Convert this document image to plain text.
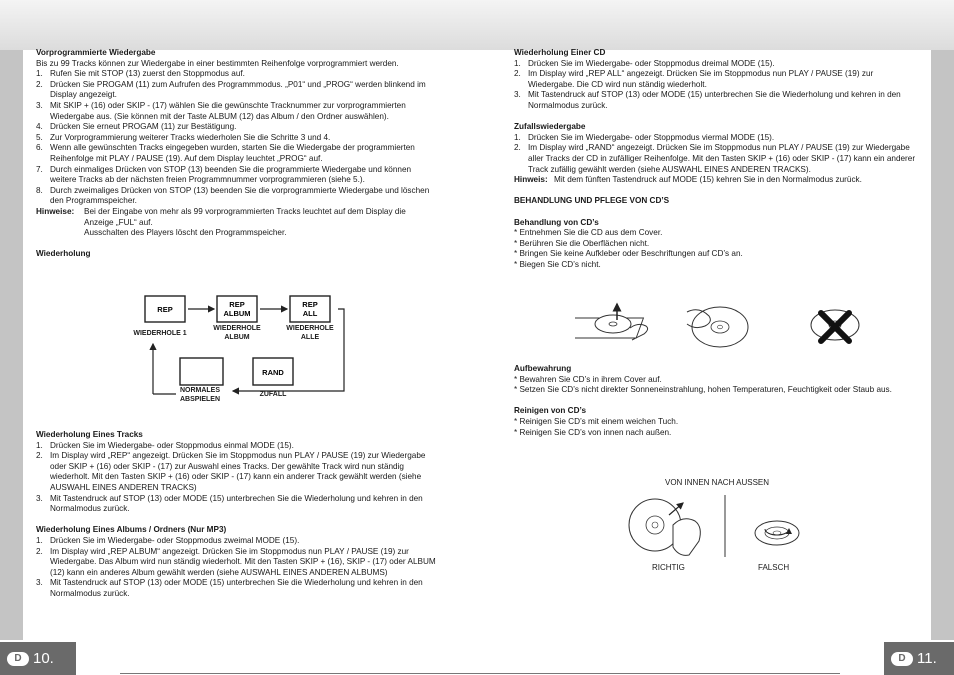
Vorprogrammierte Wiedergabe

Bis zu 99 Tracks können zur Wiedergabe in einer bestimmten Reihenfolge vorprogrammiert werden.

1. Rufen Sie mit STOP (13) zuerst den Stoppmodus auf.
2. Drücken Sie PROGAM (11) zum Aufrufen des Programmmodus. „P01“ und „PROG“ werden blinkend im Display angezeigt.
3. Mit SKIP + (16) oder SKIP - (17) wählen Sie die gewünschte Tracknummer zur vorprogrammierten Wiedergabe aus. (Sie können mit der Taste ALBUM (12) das Album / den Ordner auswählen).
4. Drücken Sie erneut PROGAM (11) zur Bestätigung.
5. Zur Vorprogrammierung weiterer Tracks wiederholen Sie die Schritte 3 und 4.
6. Wenn alle gewünschten Tracks eingegeben wurden, starten Sie die Wiedergabe der programmierten Reihenfolge mit PLAY / PAUSE (19). Auf dem Display leuchtet „PROG“ auf.
7. Durch einmaliges Drücken von STOP (13) beenden Sie die programmierte Wiedergabe und können weitere Tracks ab der nächsten freien Programmnummer vorprogrammieren (siehe 5.).
8. Durch zweimaliges Drücken von STOP (13) beenden Sie die vorprogrammierte Wiedergabe und löschen den Programmspeicher.
Hinweise:	Bei der Eingabe von mehr als 99 vorprogrammierten Tracks leuchtet auf dem Display die Anzeige „FUL“ auf.
Ausschalten des Players löscht den Programmspeicher.

Wiederholung

REP
REP
ALBUM
REP
ALL
RAND
WIEDERHOLE 1
WIEDERHOLE
ALBUM
WIEDERHOLE
ALLE
NORMALES
ABSPIELEN
ZUFALL

Wiederholung Eines Tracks

1. Drücken Sie im Wiedergabe- oder Stoppmodus einmal MODE (15).
2. Im Display wird „REP“ angezeigt. Drücken Sie im Stoppmodus nun PLAY / PAUSE (19) zur Wiedergabe oder SKIP + (16) oder SKIP - (17) zur Auswahl eines Tracks. Der gewählte Track wird nun ständig wiederholt. Mit den Tasten SKIP + (16) oder SKIP - (17) kann ein anderer Track gewählt werden (siehe AUSWAHL EINES ANDEREN TRACKS)
3. Mit Tastendruck auf STOP (13) oder MODE (15) unterbrechen Sie die Wiederholung und kehren in den Normalmodus zurück.

Wiederholung Eines Albums / Ordners (Nur MP3)

1. Drücken Sie im Wiedergabe- oder Stoppmodus zweimal MODE (15).
2. Im Display wird „REP ALBUM“ angezeigt. Drücken Sie im Stoppmodus nun PLAY / PAUSE (19) zur Wiedergabe. Das Album wird nun ständig wiederholt. Mit den Tasten SKIP + (16), SKIP - (17) oder ALBUM (12) kann ein anderes Album gewählt werden (siehe AUSWAHL EINES ANDEREN ALBUMS)
3. Mit Tastendruck auf STOP (13) oder MODE (15) unterbrechen Sie die Wiederholung und kehren in den Normalmodus zurück.

Wiederholung Einer CD

1. Drücken Sie im Wiedergabe- oder Stoppmodus dreimal MODE (15).
2. Im Display wird „REP ALL“ angezeigt. Drücken Sie im Stoppmodus nun PLAY / PAUSE (19) zur Wiedergabe. Die CD wird nun ständig wiederholt.
3. Mit Tastendruck auf STOP (13) oder MODE (15) unterbrechen Sie die Wiederholung und kehren in den Normalmodus zurück.

Zufallswiedergabe

1. Drücken Sie im Wiedergabe- oder Stoppmodus viermal MODE (15).
2. Im Display wird „RAND“ angezeigt. Drücken Sie im Stoppmodus nun PLAY / PAUSE (19) zur Wiedergabe aller Tracks der CD in zufälliger Reihenfolge. Mit den Tasten SKIP + (16) oder SKIP - (17) kann ein anderer Track zufällig gewählt werden (siehe AUSWAHL EINES ANDEREN TRACKS).
Hinweis: Mit dem fünften Tastendruck auf MODE (15) kehren Sie in den Normalmodus zurück.

BEHANDLUNG UND PFLEGE VON CD’S

Behandlung von CD’s

* Entnehmen Sie die CD aus dem Cover.

* Berühren Sie die Oberflächen nicht.

* Bringen Sie keine Aufkleber oder Beschriftungen auf CD’s an.

* Biegen Sie CD’s nicht.

Aufbewahrung

* Bewahren Sie CD’s in ihrem Cover auf.

* Setzen Sie CD’s nicht direkter Sonneneinstrahlung, hohen Temperaturen, Feuchtigkeit oder Staub aus.

Reinigen von CD’s

* Reinigen Sie CD’s mit einem weichen Tuch.

* Reinigen Sie CD’s von innen nach außen.

VON INNEN NACH AUSSEN
RICHTIG	FALSCH
D 10.	D 11.
